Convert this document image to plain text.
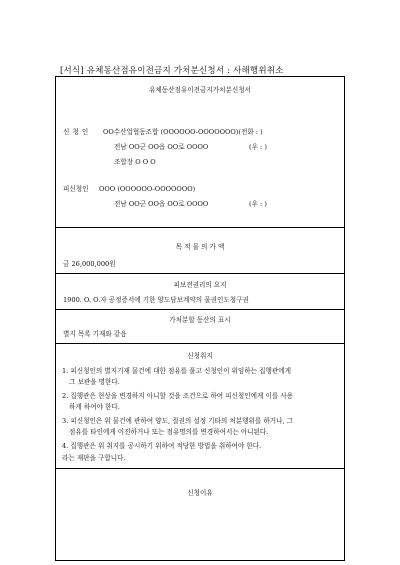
[서식] 유체동산점유이전금지 가처분신청서 : 사해행위취소
유체동산점유이전금지가처분신청서
신 청 인 OO수산업협동조합 (OOOOOO-OOOOOOO)(전화 : )
전남 OO군 OO읍 OO로 OOOO	(우 : )
조합장 O O O
피신청인 OOO (OOOOOO-OOOOOOO)
전남 OO군 OO읍 OO로 OOOO	(우 : )
목 적 물 의 가 액
금 26,000,000원
피보전권리의 요지
1900. O. O.자 공정증서에 기한 양도담보계약의 물권인도청구권
가처분할 동산의 표시
별지 목록 기재와 같음
신청취지
1. 피신청인의 별지기재 물건에 대한 점유를 풀고 신청인이 위임하는 집행관에게
그 보관을 명한다.
2. 집행관은 현상을 변경하지 아니할 것을 조건으로 하여 피신청인에게 이를 사용
하게 하여야 한다.
3. 피신청인은 위 물건에 관하여 양도, 질권의 설정 기타의 처분행위를 하거나, 그
점유를 타인에게 이전하거나 또는 점유명의를 변경하여서는 아니된다.
4. 집행관은 위 취지를 공시하기 위하여 적당한 방법을 취하여야 한다.
라는 재판을 구합니다.
신청이유
